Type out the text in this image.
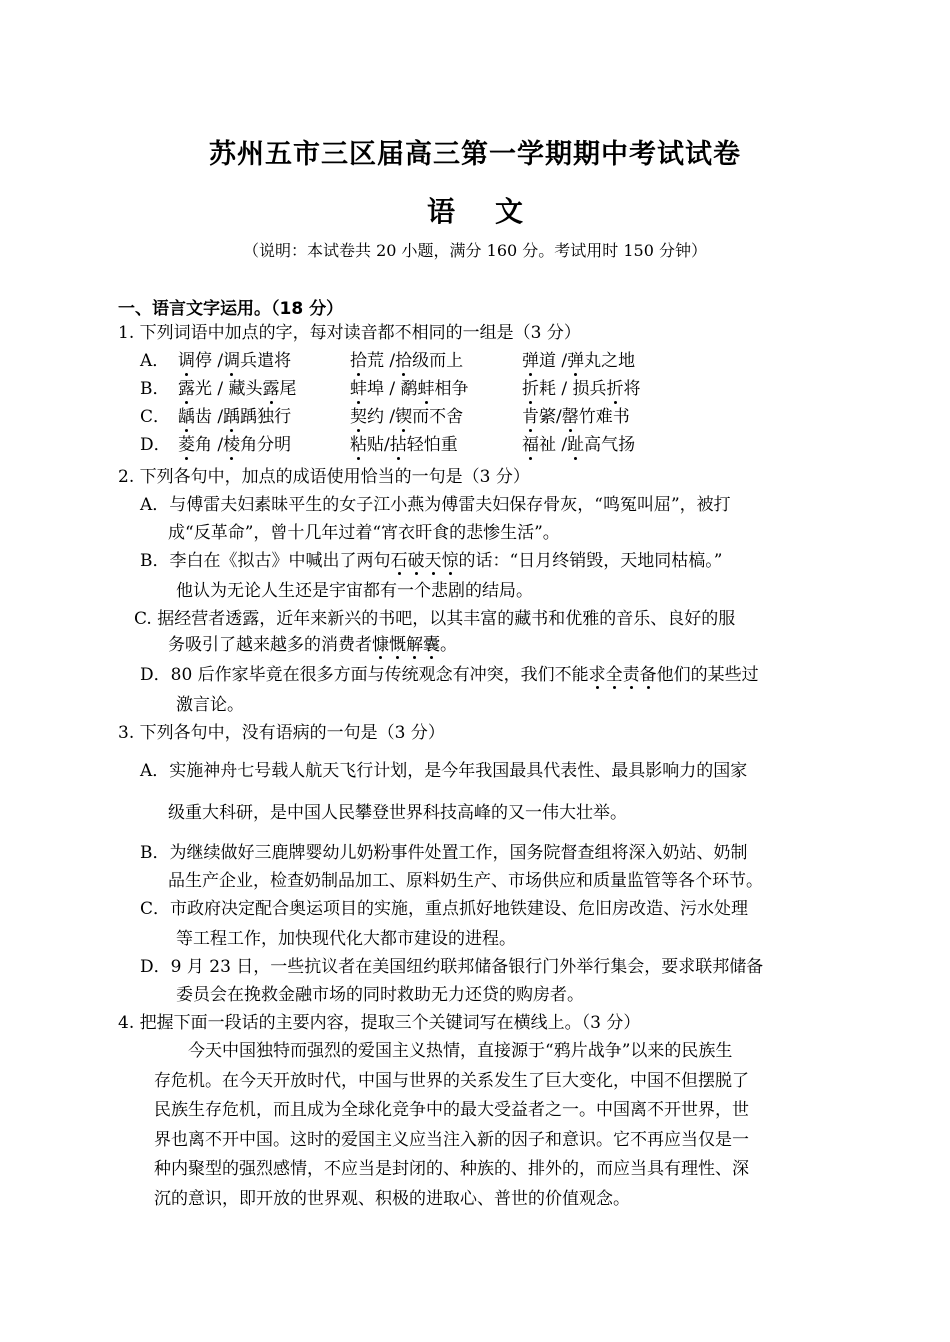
苏州五市三区届高三第一学期期中考试试卷
语文
（说明：本试卷共 20 小题，满分 160 分。考试用时 150 分钟）
一、语言文字运用。（18 分）
1. 下列词语中加点的字，每对读音都不相同的一组是（3 分）
A． 调停 /调兵遣将	拾荒 /拾级而上	弹道 /弹丸之地
B． 露光 / 藏头露尾	蚌埠 / 鹬蚌相争	折耗 / 损兵折将
C． 龋齿 /踽踽独行	契约 /锲而不舍	肯綮/罄竹难书
D． 菱角 /棱角分明	粘贴/拈轻怕重	福祉 /趾高气扬
2. 下列各句中，加点的成语使用恰当的一句是（3 分）
A．与傅雷夫妇素昧平生的女子江小燕为傅雷夫妇保存骨灰，“鸣冤叫屈”，被打
成“反革命”，曾十几年过着“宵衣旰食的悲惨生活”。
B．李白在《拟古》中喊出了两句石破天惊的话：“日月终销毁，天地同枯槁。”
他认为无论人生还是宇宙都有一个悲剧的结局。
C. 据经营者透露，近年来新兴的书吧，以其丰富的藏书和优雅的音乐、良好的服
务吸引了越来越多的消费者慷慨解囊。
D．80 后作家毕竟在很多方面与传统观念有冲突，我们不能求全责备他们的某些过
激言论。
3. 下列各句中，没有语病的一句是（3 分）
A．实施神舟七号载人航天飞行计划，是今年我国最具代表性、最具影响力的国家
级重大科研，是中国人民攀登世界科技高峰的又一伟大壮举。
B．为继续做好三鹿牌婴幼儿奶粉事件处置工作，国务院督查组将深入奶站、奶制
品生产企业，检查奶制品加工、原料奶生产、市场供应和质量监管等各个环节。
C．市政府决定配合奥运项目的实施，重点抓好地铁建设、危旧房改造、污水处理
等工程工作，加快现代化大都市建设的进程。
D．9 月 23 日，一些抗议者在美国纽约联邦储备银行门外举行集会，要求联邦储备
委员会在挽救金融市场的同时救助无力还贷的购房者。
4. 把握下面一段话的主要内容，提取三个关键词写在横线上。（3 分）
　　今天中国独特而强烈的爱国主义热情，直接源于“鸦片战争”以来的民族生
存危机。在今天开放时代，中国与世界的关系发生了巨大变化，中国不但摆脱了
民族生存危机，而且成为全球化竞争中的最大受益者之一。中国离不开世界，世
界也离不开中国。这时的爱国主义应当注入新的因子和意识。它不再应当仅是一
种内聚型的强烈感情，不应当是封闭的、种族的、排外的，而应当具有理性、深
沉的意识，即开放的世界观、积极的进取心、普世的价值观念。
